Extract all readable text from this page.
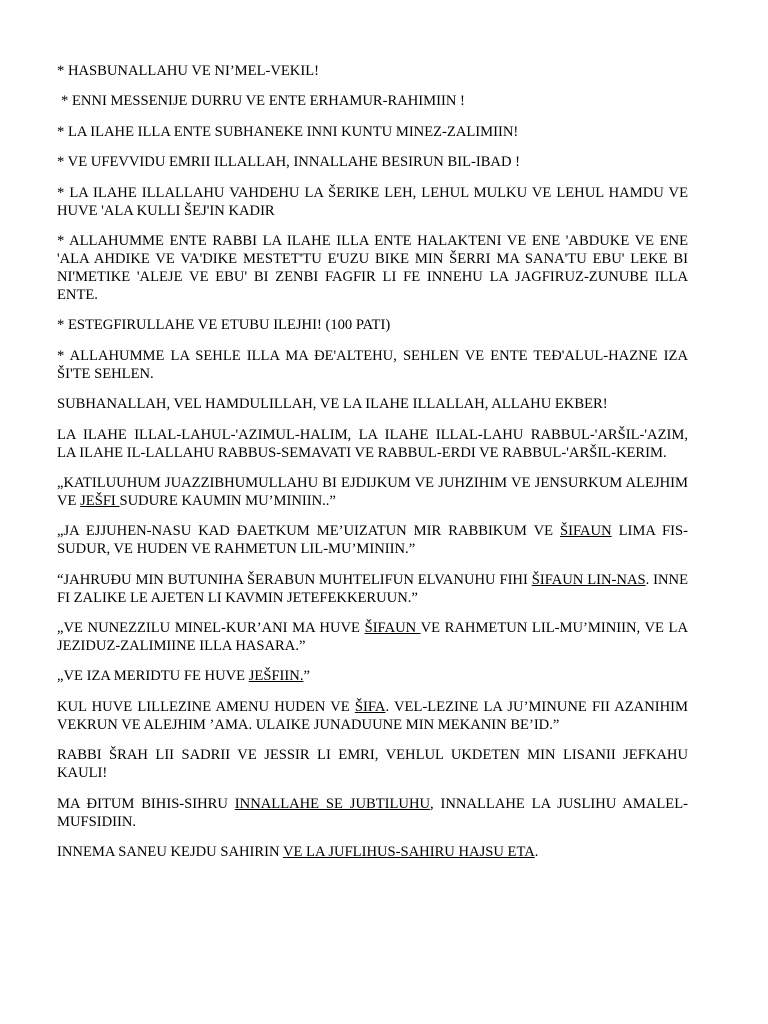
* HASBUNALLAHU VE NI’MEL-VEKIL!

* ENNI MESSENIJE DURRU VE ENTE ERHAMUR-RAHIMIIN !

* LA ILAHE ILLA ENTE SUBHANEKE INNI KUNTU MINEZ-ZALIMIIN!

* VE UFEVVIDU EMRII ILLALLAH, INNALLAHE BESIRUN BIL-IBAD !

* LA ILAHE ILLALLAHU VAHDEHU LA ŠERIKE LEH, LEHUL MULKU VE LEHUL HAMDU VE HUVE 'ALA KULLI ŠEJ'IN KADIR

* ALLAHUMME ENTE RABBI LA ILAHE ILLA ENTE HALAKTENI VE ENE 'ABDUKE VE ENE 'ALA AHDIKE VE VA'DIKE MESTET'TU E'UZU BIKE MIN ŠERRI MA SANA'TU EBU' LEKE BI NI'METIKE 'ALEJE VE EBU' BI ZENBI FAGFIR LI FE INNEHU LA JAGFIRUZ-ZUNUBE ILLA ENTE.

* ESTEGFIRULLAHE VE ETUBU ILEJHI! (100 PATI)

* ALLAHUMME LA SEHLE ILLA MA ĐE'ALTEHU, SEHLEN VE ENTE TEĐ'ALUL-HAZNE IZA ŠI'TE SEHLEN.

SUBHANALLAH, VEL HAMDULILLAH, VE LA ILAHE ILLALLAH, ALLAHU EKBER!

LA ILAHE ILLAL-LAHUL-'AZIMUL-HALIM, LA ILAHE ILLAL-LAHU RABBUL-'ARŠIL-'AZIM, LA ILAHE IL-LALLAHU RABBUS-SEMAVATI VE RABBUL-ERDI VE RABBUL-'ARŠIL-KERIM.

„KATILUUHUM JUAZZIBHUMULLAHU BI EJDIJKUM VE JUHZIHIM VE JENSURKUM ALEJHIM VE JEŠFI SUDURE KAUMIN MU’MINIIN..”

„JA EJJUHEN-NASU KAD ĐAETKUM ME’UIZATUN MIR RABBIKUM VE ŠIFAUN LIMA FIS-SUDUR, VE HUDEN VE RAHMETUN LIL-MU’MINIIN.”

“JAHRUĐU MIN BUTUNIHA ŠERABUN MUHTELIFUN ELVANUHU FIHI ŠIFAUN LIN-NAS. INNE FI ZALIKE LE AJETEN LI KAVMIN JETEFEKKERUUN.”

„VE NUNEZZILU MINEL-KUR’ANI MA HUVE ŠIFAUN VE RAHMETUN LIL-MU’MINIIN, VE LA JEZIDUZ-ZALIMIINE ILLA HASARA.”

„VE IZA MERIDTU FE HUVE JEŠFIIN.”

KUL HUVE LILLEZINE AMENU HUDEN VE ŠIFA. VEL-LEZINE LA JU’MINUNE FII AZANIHIM VEKRUN VE ALEJHIM ’AMA. ULAIKE JUNADUUNE MIN MEKANIN BE’ID.”

RABBI ŠRAH LII SADRII VE JESSIR LI EMRI, VEHLUL UKDETEN MIN LISANII JEFKAHU KAULI!

MA ĐITUM BIHIS-SIHRU INNALLAHE SE JUBTILUHU, INNALLAHE LA JUSLIHU AMALEL-MUFSIDIIN.

INNEMA SANEU KEJDU SAHIRIN VE LA JUFLIHUS-SAHIRU HAJSU ETA.
